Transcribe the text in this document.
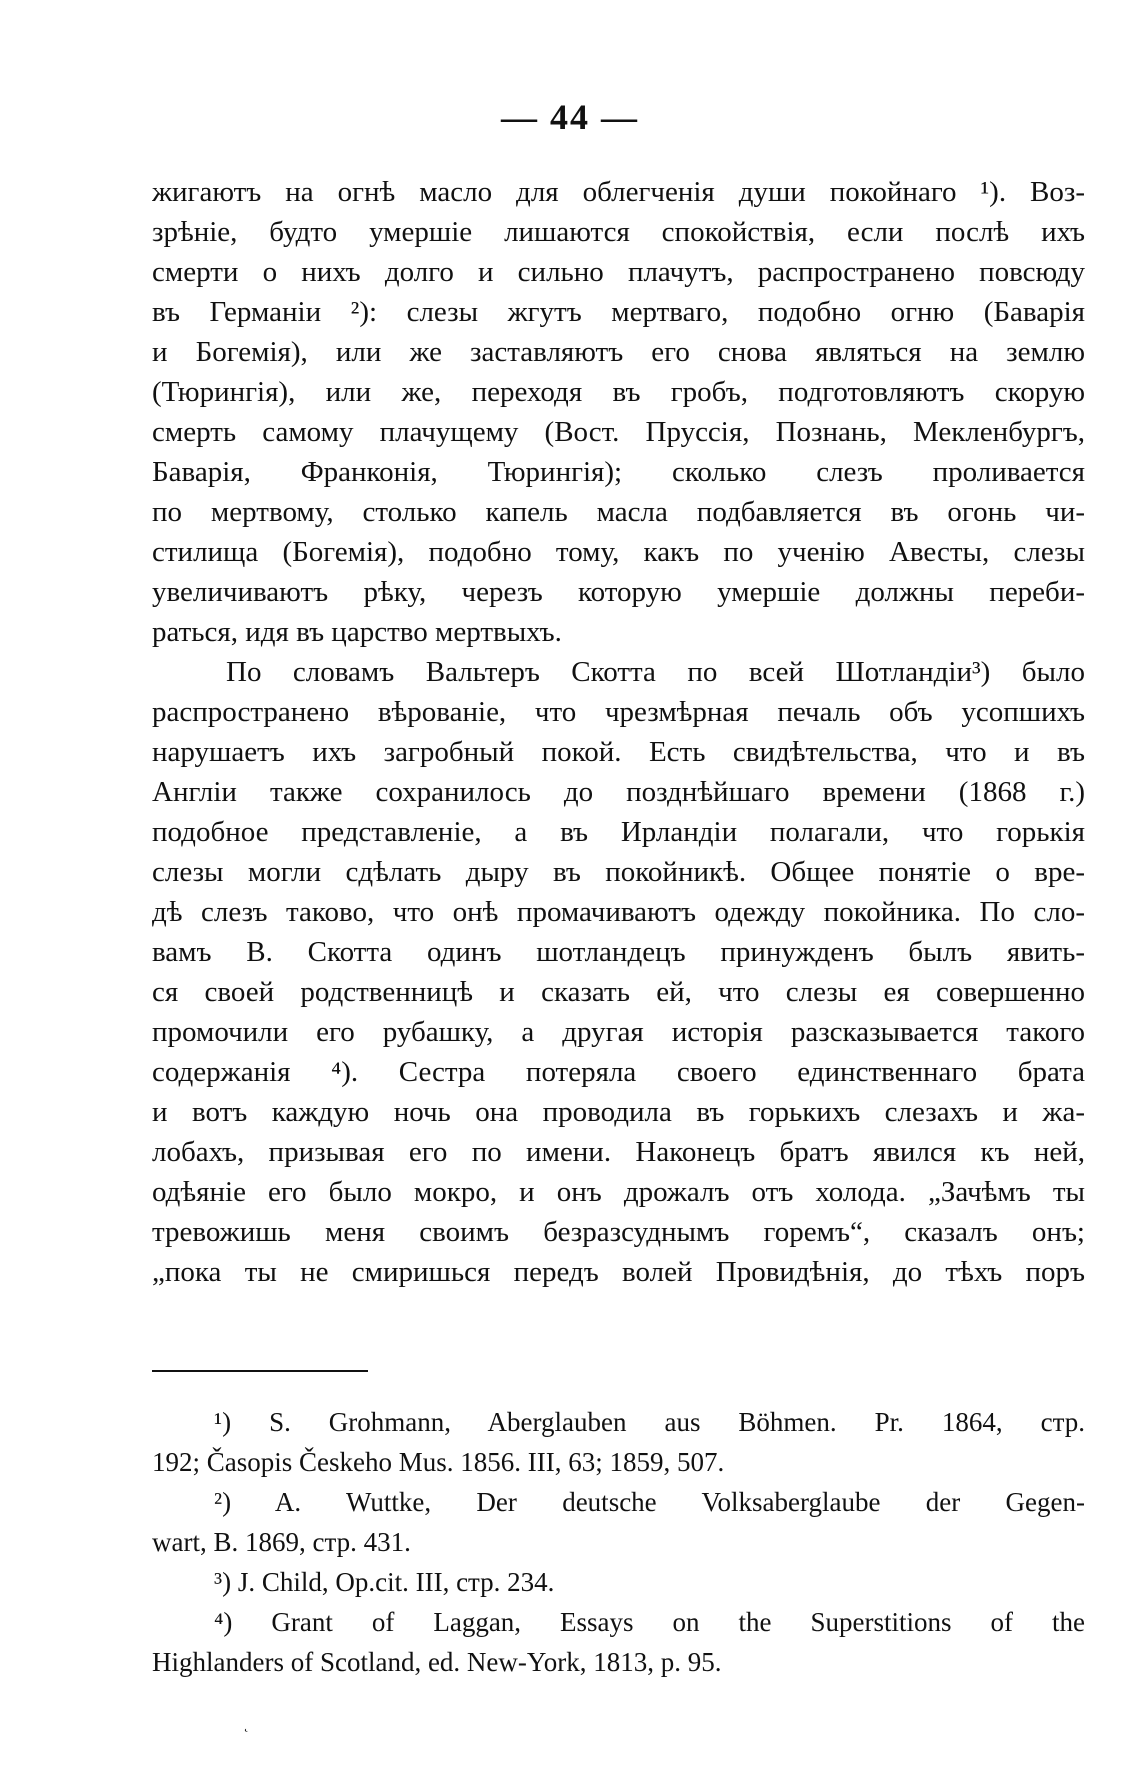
— 44 —
жигаютъ на огнѣ масло для облегченія души покойнаго ¹). Воз-
зрѣніе, будто умершіе лишаются спокойствія, если послѣ ихъ
смерти о нихъ долго и сильно плачутъ, распространено повсюду
въ Германіи ²): слезы жгутъ мертваго, подобно огню (Баварія
и Богемія), или же заставляютъ его снова являться на землю
(Тюрингія), или же, переходя въ гробъ, подготовляютъ скорую
смерть самому плачущему (Вост. Пруссія, Познань, Мекленбургъ,
Баварія, Франконія, Тюрингія); сколько слезъ проливается
по мертвому, столько капель масла подбавляется въ огонь чи-
стилища (Богемія), подобно тому, какъ по ученію Авесты, слезы
увеличиваютъ рѣку, черезъ которую умершіе должны переби-
раться, идя въ царство мертвыхъ.
По словамъ Вальтеръ Скотта по всей Шотландіи³) было
распространено вѣрованіе, что чрезмѣрная печаль объ усопшихъ
нарушаетъ ихъ загробный покой. Есть свидѣтельства, что и въ
Англіи также сохранилось до позднѣйшаго времени (1868 г.)
подобное представленіе, а въ Ирландіи полагали, что горькія
слезы могли сдѣлать дыру въ покойникѣ. Общее понятіе о вре-
дѣ слезъ таково, что онѣ промачиваютъ одежду покойника. По сло-
вамъ В. Скотта одинъ шотландецъ принужденъ былъ явить-
ся своей родственницѣ и сказать ей, что слезы ея совершенно
промочили его рубашку, а другая исторія разсказывается такого
содержанія ⁴). Сестра потеряла своего единственнаго брата
и вотъ каждую ночь она проводила въ горькихъ слезахъ и жа-
лобахъ, призывая его по имени. Наконецъ братъ явился къ ней,
одѣяніе его было мокро, и онъ дрожалъ отъ холода. „Зачѣмъ ты
тревожишь меня своимъ безразсуднымъ горемъ“, сказалъ онъ;
„пока ты не смиришься передъ волей Провидѣнія, до тѣхъ поръ
¹) S. Grohmann, Aberglauben aus Böhmen. Pr. 1864, стр.
192; Časopis Českeho Mus. 1856. III, 63; 1859, 507.
²) A. Wuttke, Der deutsche Volksaberglaube der Gegen-
wart, B. 1869, стр. 431.
³) J. Child, Op.cit. III, стр. 234.
⁴) Grant of Laggan, Essays on the Superstitions of the
Highlanders of Scotland, ed. New-York, 1813, p. 95.
˛
